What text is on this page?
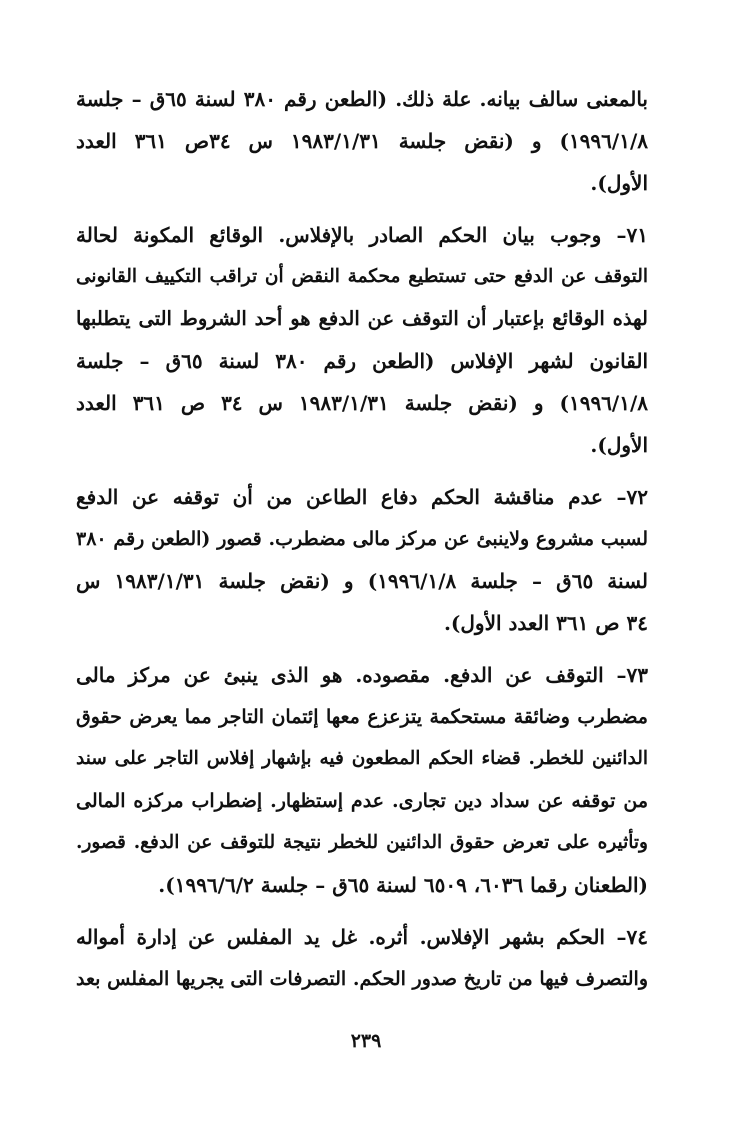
بالمعنى سالف بيانه. علة ذلك. (الطعن رقم ٣٨٠ لسنة ٦٥ق – جلسة
١٩٩٦/١/٨) و (نقض جلسة ١٩٨٣/١/٣١ س ٣٤ص ٣٦١ العدد
الأول).
٧١– وجوب بيان الحكم الصادر بالإفلاس. الوقائع المكونة لحالة
التوقف عن الدفع حتى تستطيع محكمة النقض أن تراقب التكييف القانونى
لهذه الوقائع بإعتبار أن التوقف عن الدفع هو أحد الشروط التى يتطلبها
القانون لشهر الإفلاس (الطعن رقم ٣٨٠ لسنة ٦٥ق – جلسة
١٩٩٦/١/٨) و (نقض جلسة ١٩٨٣/١/٣١ س ٣٤ ص ٣٦١ العدد
الأول).
٧٢– عدم مناقشة الحكم دفاع الطاعن من أن توقفه عن الدفع
لسبب مشروع ولاينبئ عن مركز مالى مضطرب. قصور (الطعن رقم ٣٨٠
لسنة ٦٥ق – جلسة ١٩٩٦/١/٨) و (نقض جلسة ١٩٨٣/١/٣١ س
٣٤ ص ٣٦١ العدد الأول).
٧٣– التوقف عن الدفع. مقصوده. هو الذى ينبئ عن مركز مالى
مضطرب وضائقة مستحكمة يتزعزع معها إئتمان التاجر مما يعرض حقوق
الدائنين للخطر. قضاء الحكم المطعون فيه بإشهار إفلاس التاجر على سند
من توقفه عن سداد دين تجارى. عدم إستظهار. إضطراب مركزه المالى
وتأثيره على تعرض حقوق الدائنين للخطر نتيجة للتوقف عن الدفع. قصور.
(الطعنان رقما ٦٠٣٦، ٦٥٠٩ لسنة ٦٥ق – جلسة ١٩٩٦/٦/٢).
٧٤– الحكم بشهر الإفلاس. أثره. غل يد المفلس عن إدارة أمواله
والتصرف فيها من تاريخ صدور الحكم. التصرفات التى يجريها المفلس بعد
٢٣٩
